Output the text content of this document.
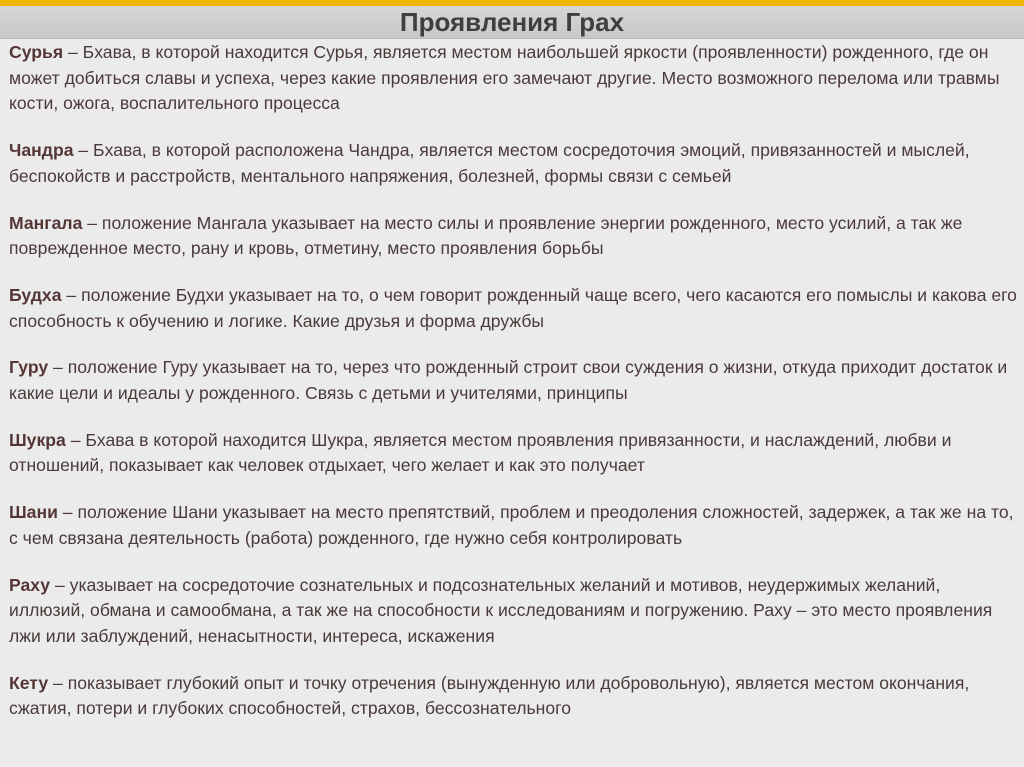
Проявления Грах

Сурья – Бхава, в которой находится Сурья, является местом наибольшей яркости (проявленности) рожденного, где он может добиться славы и успеха, через какие проявления его замечают другие. Место возможного перелома или травмы кости, ожога, воспалительного процесса

Чандра – Бхава, в которой расположена Чандра, является местом сосредоточия эмоций, привязанностей и мыслей, беспокойств и расстройств, ментального напряжения, болезней, формы связи с семьей

Мангала – положение Мангала указывает на место силы и проявление энергии рожденного, место усилий, а так же поврежденное место, рану и кровь, отметину, место проявления борьбы

Будха – положение Будхи указывает на то, о чем говорит рожденный чаще всего, чего касаются его помыслы и какова его способность к обучению и логике. Какие друзья и форма дружбы

Гуру – положение Гуру указывает на то, через что рожденный строит свои суждения о жизни, откуда приходит достаток и какие цели и идеалы у рожденного. Связь с детьми и учителями, принципы

Шукра – Бхава в которой находится Шукра, является местом проявления привязанности, и наслаждений, любви и отношений, показывает как человек отдыхает, чего желает и как это получает

Шани – положение Шани указывает на место препятствий, проблем и преодоления сложностей, задержек, а так же на то, с чем связана деятельность (работа) рожденного, где нужно себя контролировать

Раху – указывает на сосредоточие сознательных и подсознательных желаний и мотивов, неудержимых желаний, иллюзий, обмана и самообмана, а так же на способности к исследованиям и погружению. Раху – это место проявления лжи или заблуждений, ненасытности, интереса, искажения

Кету – показывает глубокий опыт и точку отречения (вынужденную или добровольную), является местом окончания, сжатия, потери и глубоких способностей, страхов, бессознательного
